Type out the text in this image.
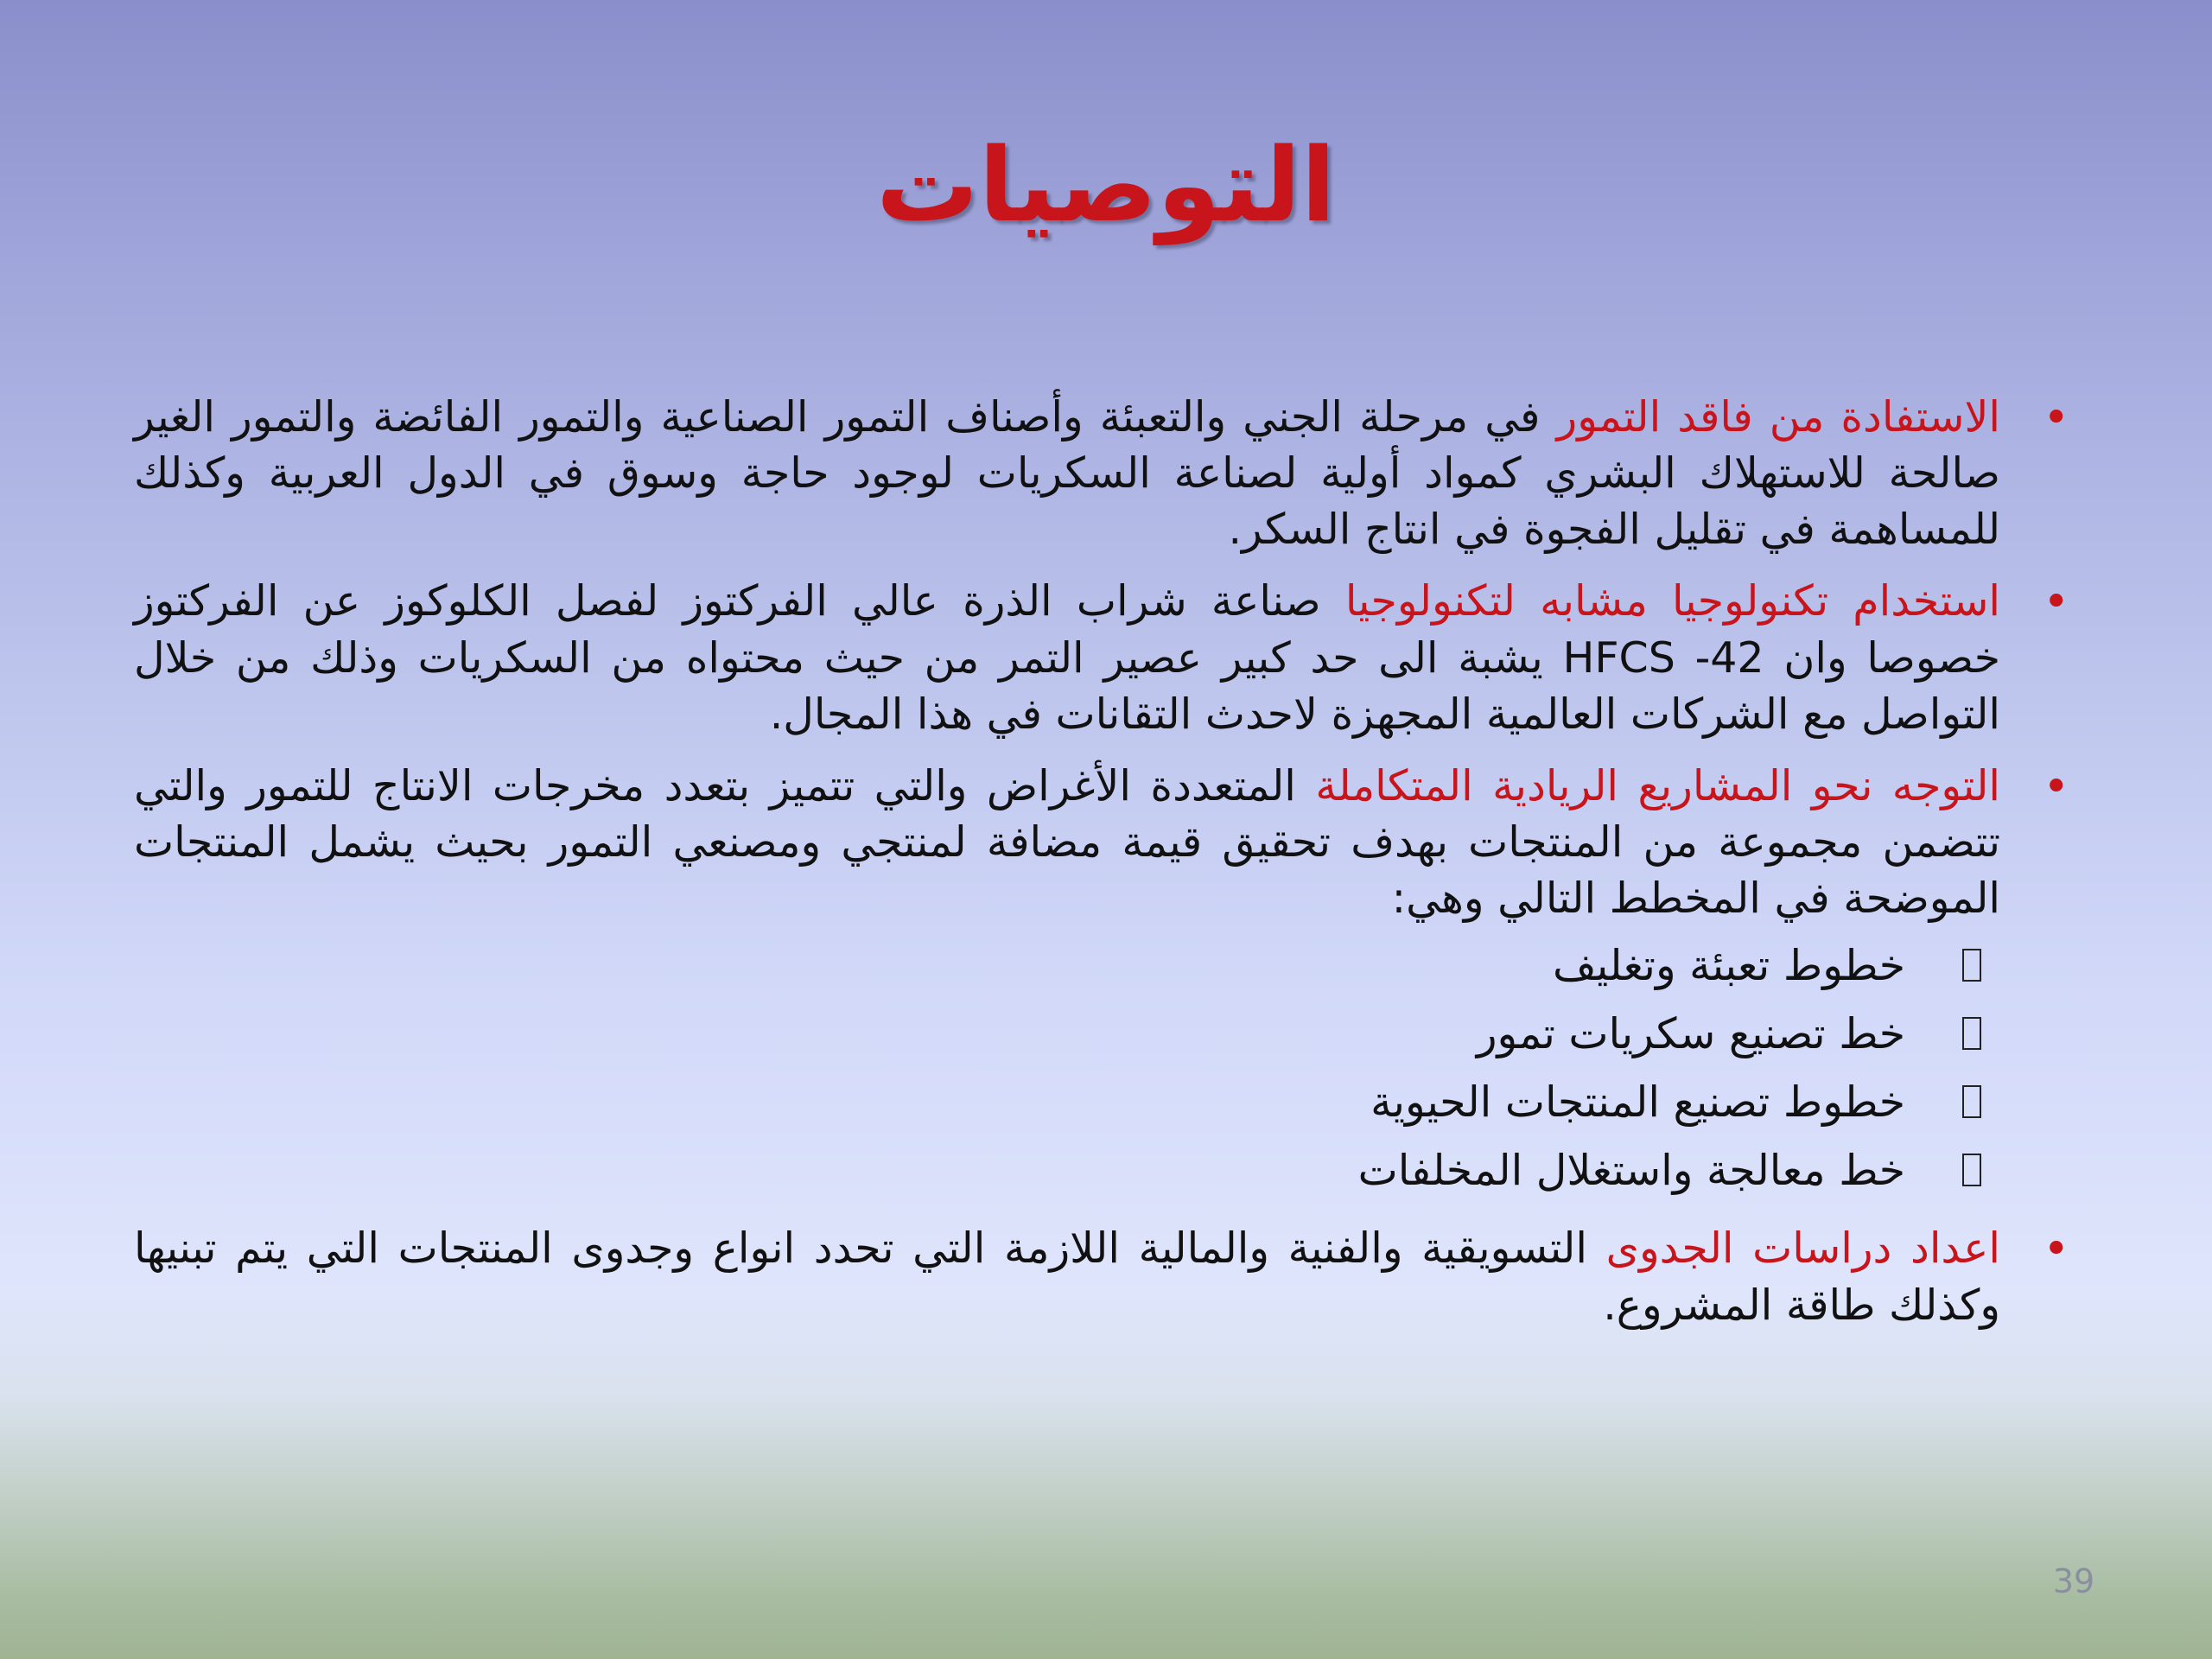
التوصيات
•
الاستفادة من فاقد التمور في مرحلة الجني والتعبئة وأصناف التمور الصناعية والتمور الفائضة والتمور الغير صالحة للاستهلاك البشري كمواد أولية لصناعة السكريات لوجود حاجة وسوق في الدول العربية وكذلك للمساهمة في تقليل الفجوة في انتاج السكر.
•
استخدام تكنولوجيا مشابه لتكنولوجيا صناعة شراب الذرة عالي الفركتوز لفصل الكلوكوز عن الفركتوز خصوصا وان HFCS -42 يشبة الى حد كبير عصير التمر من حيث محتواه من السكريات وذلك من خلال التواصل مع الشركات العالمية المجهزة لاحدث التقانات في هذا المجال.
•
التوجه نحو المشاريع الريادية المتكاملة المتعددة الأغراض والتي تتميز بتعدد مخرجات الانتاج للتمور والتي تتضمن مجموعة من المنتجات بهدف تحقيق قيمة مضافة لمنتجي ومصنعي التمور بحيث يشمل المنتجات الموضحة في المخطط التالي وهي:
خطوط تعبئة وتغليف
خط تصنيع سكريات تمور
خطوط تصنيع المنتجات الحيوية
خط معالجة واستغلال المخلفات
•
اعداد دراسات الجدوى التسويقية والفنية والمالية اللازمة التي تحدد انواع وجدوى المنتجات التي يتم تبنيها وكذلك طاقة المشروع.
39
